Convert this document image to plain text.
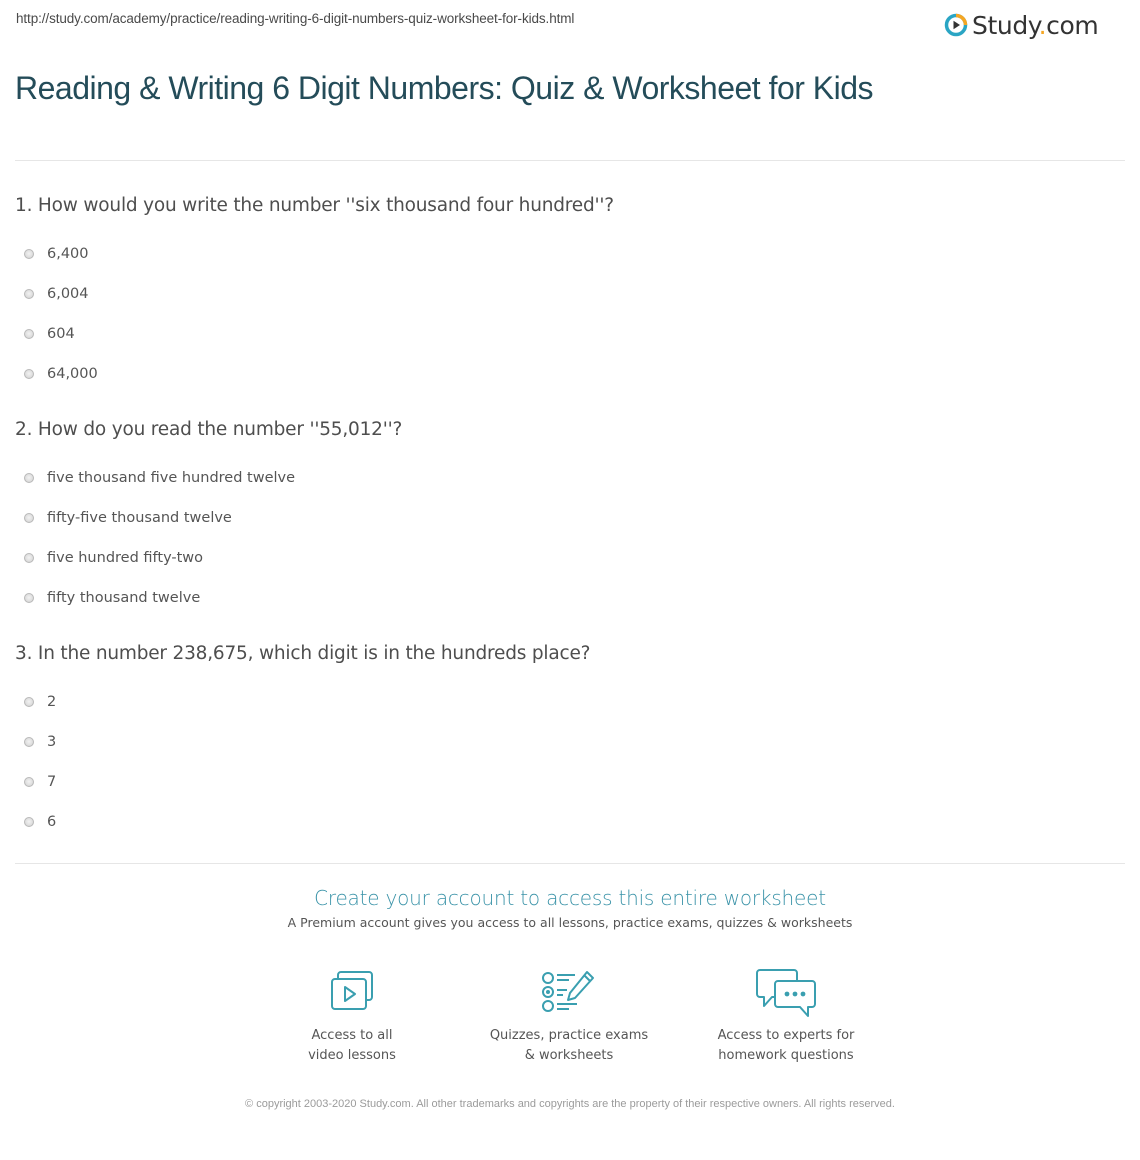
http://study.com/academy/practice/reading-writing-6-digit-numbers-quiz-worksheet-for-kids.html	Study.com
Reading & Writing 6 Digit Numbers: Quiz & Worksheet for Kids
1. How would you write the number ''six thousand four hundred''?
6,400
6,004
604
64,000
2. How do you read the number ''55,012''?
five thousand five hundred twelve
fifty-five thousand twelve
five hundred fifty-two
fifty thousand twelve
3. In the number 238,675, which digit is in the hundreds place?
2
3
7
6
Create your account to access this entire worksheet
A Premium account gives you access to all lessons, practice exams, quizzes & worksheets
Access to all
video lessons
Quizzes, practice exams
& worksheets
Access to experts for
homework questions
© copyright 2003-2020 Study.com. All other trademarks and copyrights are the property of their respective owners. All rights reserved.
